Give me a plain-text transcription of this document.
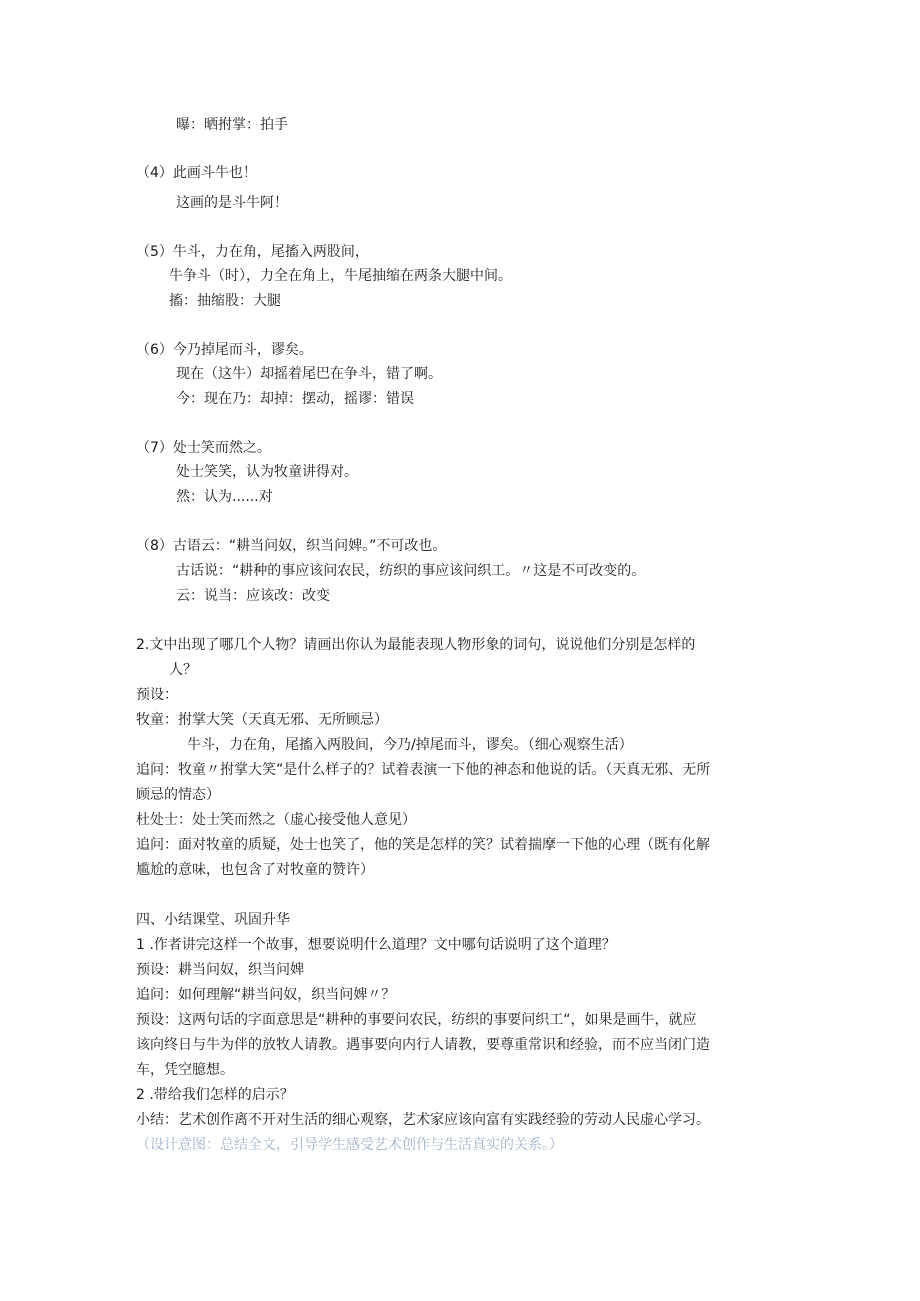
曝：晒拊掌：拍手
（4）此画斗牛也！
这画的是斗牛阿！
（5）牛斗，力在角，尾搐入两股间，
牛争斗（时），力全在角上，牛尾抽缩在两条大腿中间。
搐：抽缩股：大腿
（6）今乃掉尾而斗，谬矣。
现在（这牛）却摇着尾巴在争斗，错了啊。
今：现在乃：却掉：摆动，摇谬：错误
（7）处士笑而然之。
处士笑笑，认为牧童讲得对。
然：认为......对
（8）古语云：“耕当问奴，织当问婢。”不可改也。
古话说：“耕种的事应该问农民，纺织的事应该问织工。〃这是不可改变的。
云：说当：应该改：改变
2.文中出现了哪几个人物？请画出你认为最能表现人物形象的词句，说说他们分别是怎样的
人？
预设：
牧童：拊掌大笑（天真无邪、无所顾忌）
牛斗，力在角，尾搐入两股间，今乃/掉尾而斗，谬矣。（细心观察生活）
追问：牧童〃拊掌大笑”是什么样子的？试着表演一下他的神态和他说的话。（天真无邪、无所
顾忌的情态）
杜处士：处士笑而然之（虚心接受他人意见）
追问：面对牧童的质疑，处士也笑了，他的笑是怎样的笑？试着揣摩一下他的心理（既有化解
尴尬的意味，也包含了对牧童的赞许）
四、小结课堂、巩固升华
1 .作者讲完这样一个故事，想要说明什么道理？文中哪句话说明了这个道理？
预设：耕当问奴，织当问婢
追问：如何理解“耕当问奴，织当问婢〃？
预设：这两句话的字面意思是“耕种的事要问农民，纺织的事要问织工“，如果是画牛，就应
该向终日与牛为伴的放牧人请教。遇事要向内行人请教，要尊重常识和经验，而不应当闭门造
车，凭空臆想。
2 .带给我们怎样的启示？
小结：艺术创作离不开对生活的细心观察，艺术家应该向富有实践经验的劳动人民虚心学习。
（设计意图：总结全文，引导学生感受艺术创作与生活真实的关系。）
